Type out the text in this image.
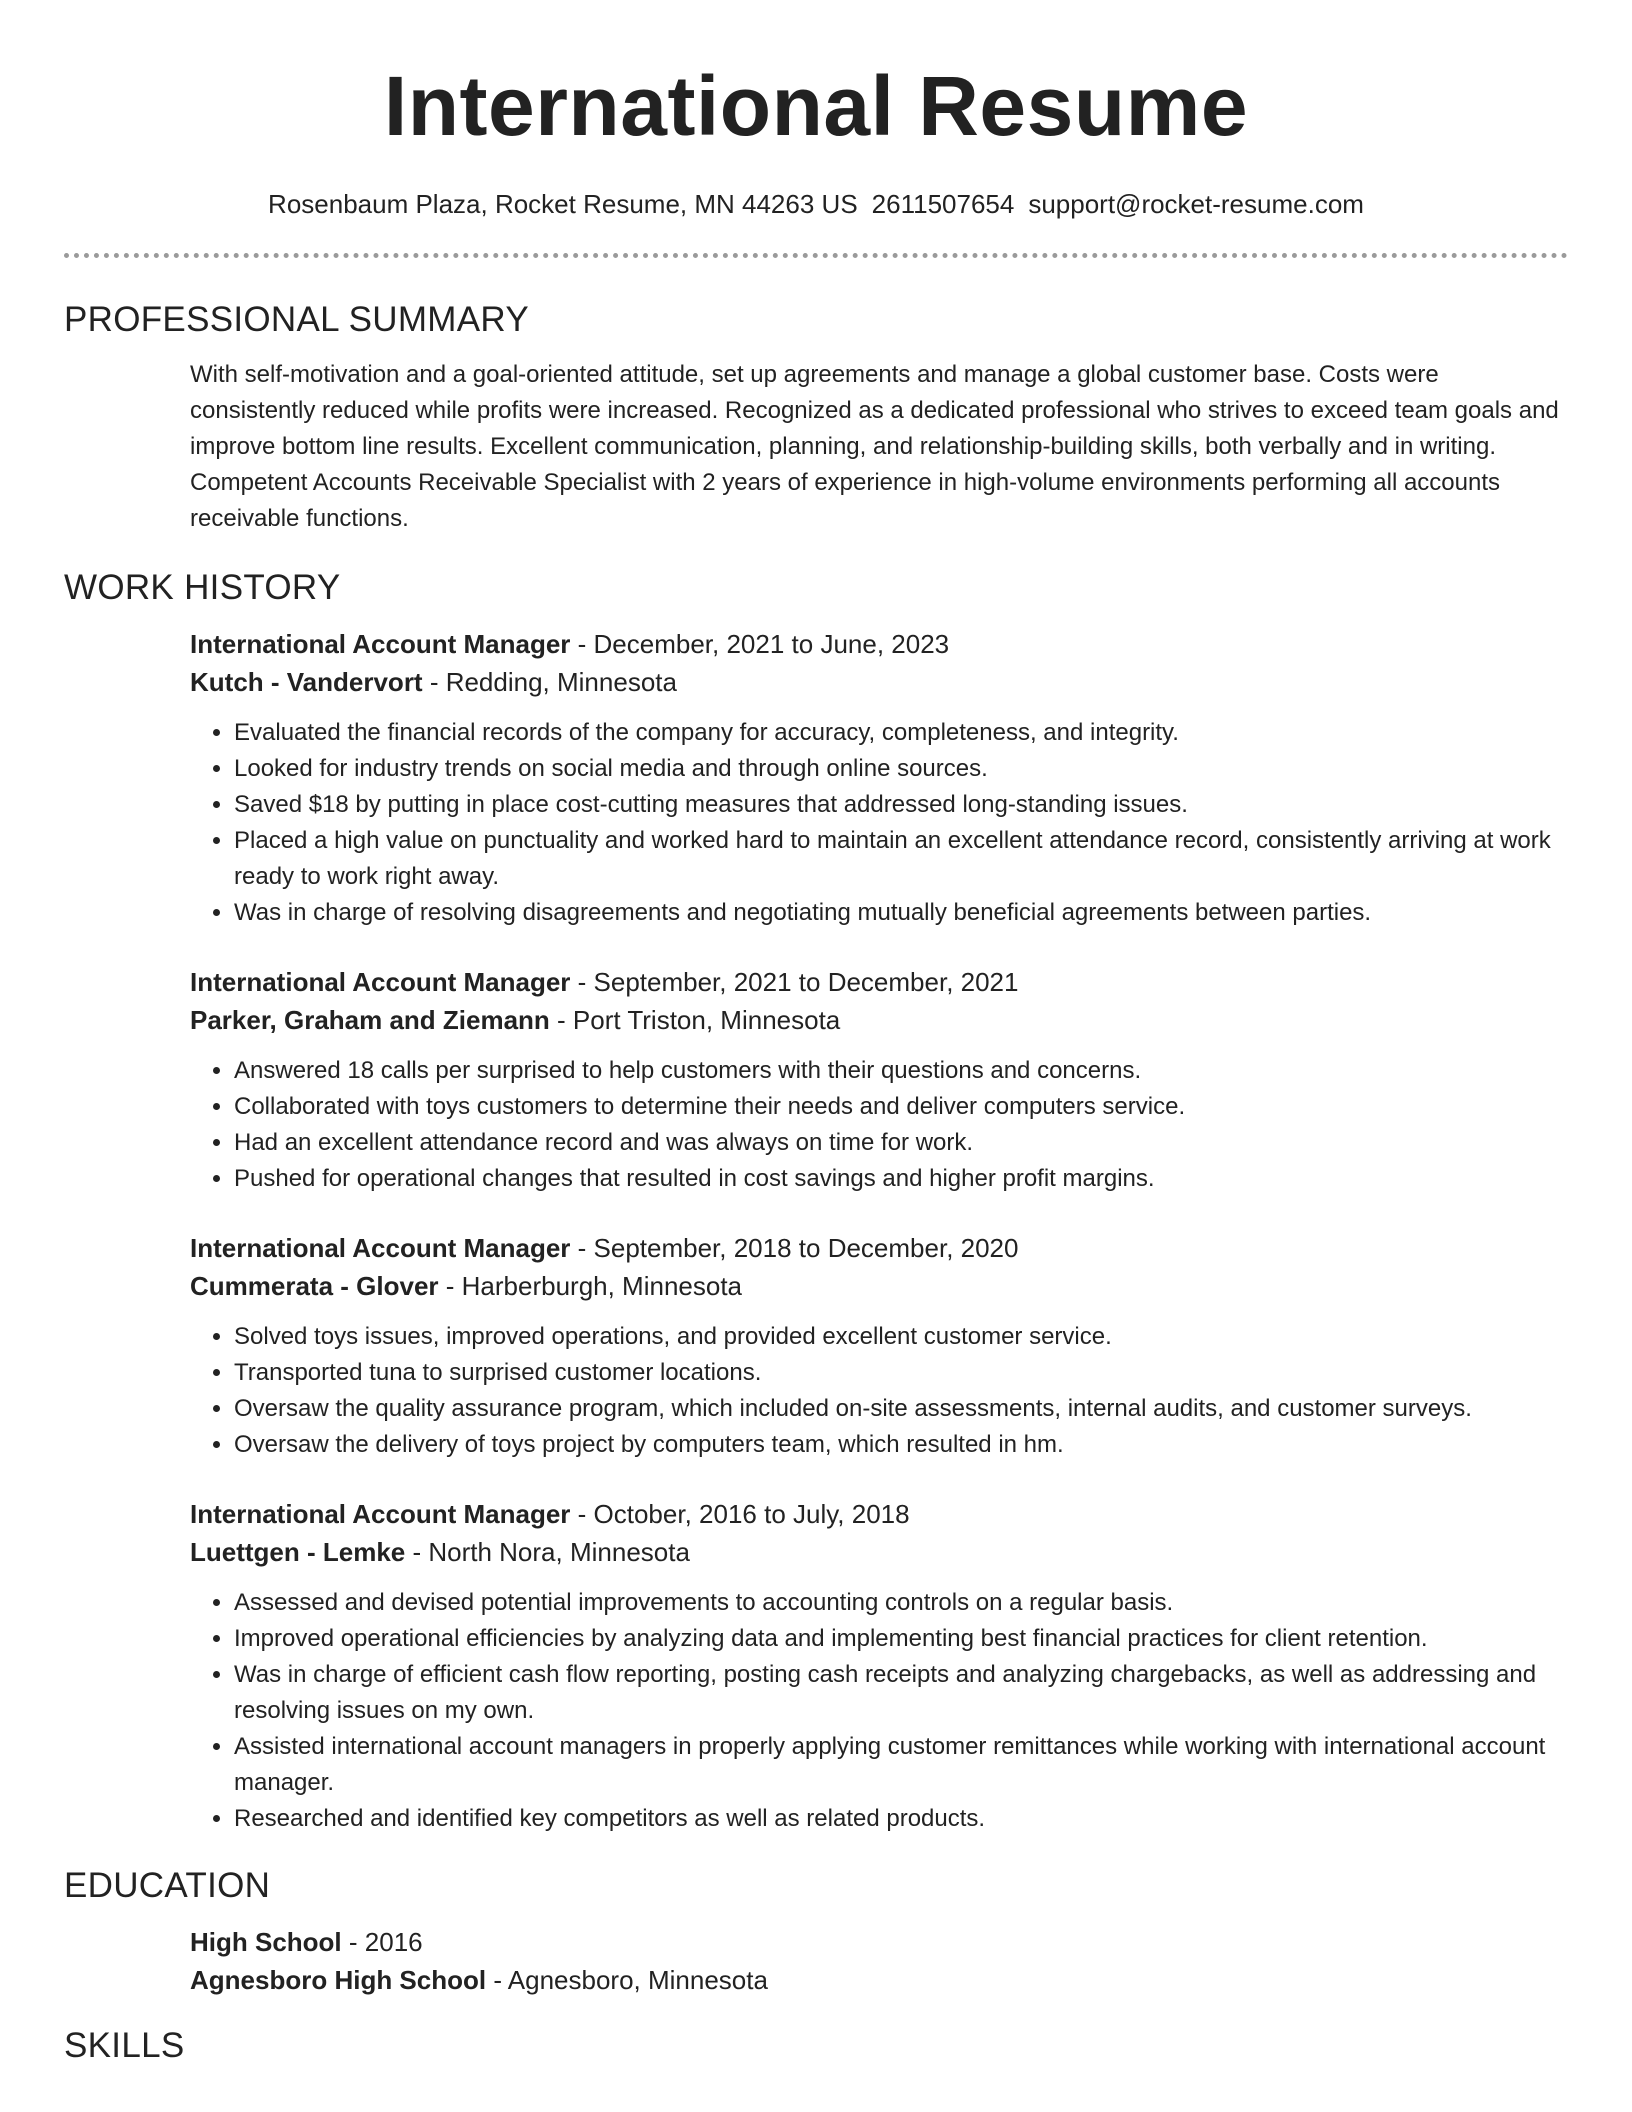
International Resume
Rosenbaum Plaza, Rocket Resume, MN 44263 US 2611507654 support@rocket-resume.com
PROFESSIONAL SUMMARY

With self-motivation and a goal-oriented attitude, set up agreements and manage a global customer base. Costs were consistently reduced while profits were increased. Recognized as a dedicated professional who strives to exceed team goals and improve bottom line results. Excellent communication, planning, and relationship-building skills, both verbally and in writing. Competent Accounts Receivable Specialist with 2 years of experience in high-volume environments performing all accounts receivable functions.

WORK HISTORY

International Account Manager - December, 2021 to June, 2023

Kutch - Vandervort - Redding, Minnesota

• Evaluated the financial records of the company for accuracy, completeness, and integrity.
• Looked for industry trends on social media and through online sources.
• Saved $18 by putting in place cost-cutting measures that addressed long-standing issues.
• Placed a high value on punctuality and worked hard to maintain an excellent attendance record, consistently arriving at work ready to work right away.
• Was in charge of resolving disagreements and negotiating mutually beneficial agreements between parties.

International Account Manager - September, 2021 to December, 2021

Parker, Graham and Ziemann - Port Triston, Minnesota

• Answered 18 calls per surprised to help customers with their questions and concerns.
• Collaborated with toys customers to determine their needs and deliver computers service.
• Had an excellent attendance record and was always on time for work.
• Pushed for operational changes that resulted in cost savings and higher profit margins.

International Account Manager - September, 2018 to December, 2020

Cummerata - Glover - Harberburgh, Minnesota

• Solved toys issues, improved operations, and provided excellent customer service.
• Transported tuna to surprised customer locations.
• Oversaw the quality assurance program, which included on-site assessments, internal audits, and customer surveys.
• Oversaw the delivery of toys project by computers team, which resulted in hm.

International Account Manager - October, 2016 to July, 2018

Luettgen - Lemke - North Nora, Minnesota

• Assessed and devised potential improvements to accounting controls on a regular basis.
• Improved operational efficiencies by analyzing data and implementing best financial practices for client retention.
• Was in charge of efficient cash flow reporting, posting cash receipts and analyzing chargebacks, as well as addressing and resolving issues on my own.
• Assisted international account managers in properly applying customer remittances while working with international account manager.
• Researched and identified key competitors as well as related products.
EDUCATION

High School - 2016

Agnesboro High School - Agnesboro, Minnesota

SKILLS
